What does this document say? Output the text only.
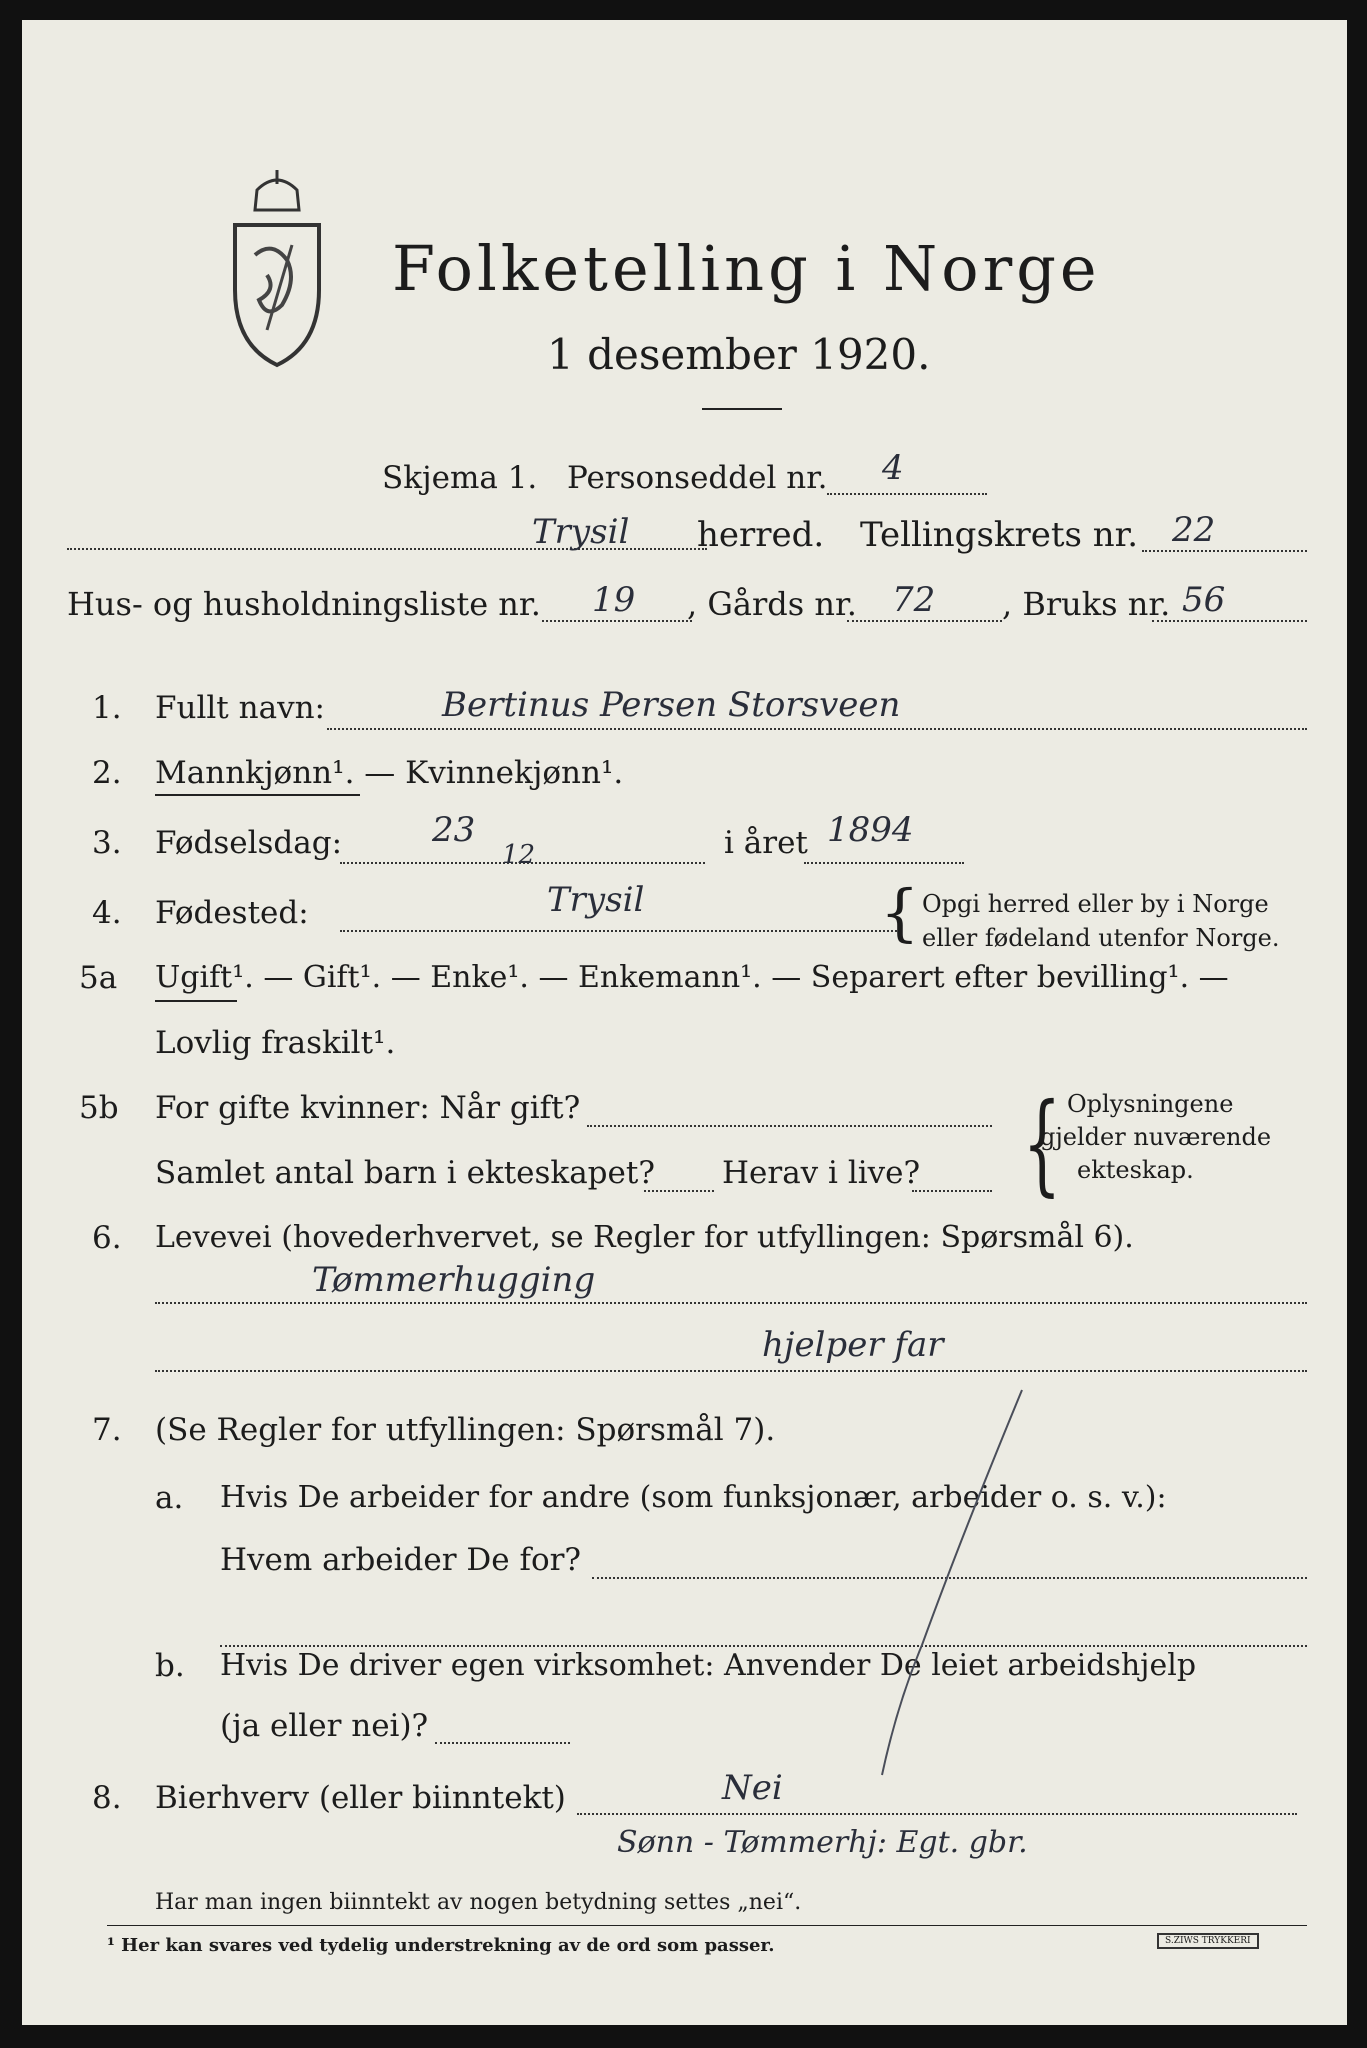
Folketelling i Norge
1 desember 1920.
Skjema 1. Personseddel nr. 4
Trysil herred. Tellingskrets nr. 22
Hus- og husholdningsliste nr. 19 , Gårds nr. 72 , Bruks nr. 56
1. Fullt navn:	Bertinus Persen Storsveen
2. Mannkjønn¹. — Kvinnekjønn¹.
3. Fødselsdag:	23
12	i året 1894
4. Fødested:	Trysil	{ Opgi herred eller by i Norge
eller fødeland utenfor Norge.
5a Ugift¹. — Gift¹. — Enke¹. — Enkemann¹. — Separert efter bevilling¹. —
Lovlig fraskilt¹.
5b For gifte kvinner: Når gift?
Samlet antal barn i ekteskapet? Herav i live? { Oplysningene
gjelder nuværende
ekteskap.
6. Levevei (hovederhvervet, se Regler for utfyllingen: Spørsmål 6).
Tømmerhugging
hjelper far
7. (Se Regler for utfyllingen: Spørsmål 7).
a. Hvis De arbeider for andre (som funksjonær, arbeider o. s. v.):
Hvem arbeider De for?
b. Hvis De driver egen virksomhet: Anvender De leiet arbeidshjelp
(ja eller nei)?
8. Bierhverv (eller biinntekt)	Nei
Sønn - Tømmerhj: Egt. gbr.
Har man ingen biinntekt av nogen betydning settes „nei“.
¹ Her kan svares ved tydelig understrekning av de ord som passer.	S.ZIWS TRYKKERI
